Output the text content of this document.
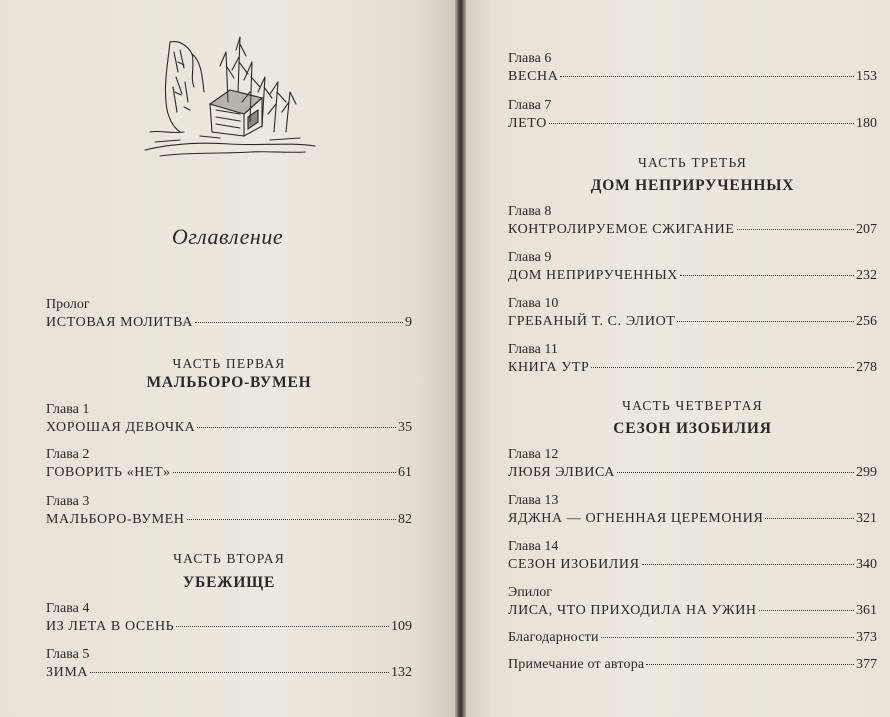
Оглавление
Пролог
ИСТОВАЯ МОЛИТВА	9
ЧАСТЬ ПЕРВАЯ
МАЛЬБОРО-ВУМЕН
Глава 1
ХОРОШАЯ ДЕВОЧКА	35
Глава 2
ГОВОРИТЬ «НЕТ»	61
Глава 3
МАЛЬБОРО-ВУМЕН	82
ЧАСТЬ ВТОРАЯ
УБЕЖИЩЕ
Глава 4
ИЗ ЛЕТА В ОСЕНЬ	109
Глава 5
ЗИМА	132
Глава 6
ВЕСНА	153
Глава 7
ЛЕТО	180
ЧАСТЬ ТРЕТЬЯ
ДОМ НЕПРИРУЧЕННЫХ
Глава 8
КОНТРОЛИРУЕМОЕ СЖИГАНИЕ	207
Глава 9
ДОМ НЕПРИРУЧЕННЫХ	232
Глава 10
ГРЕБАНЫЙ Т. С. ЭЛИОТ	256
Глава 11
КНИГА УТР	278
ЧАСТЬ ЧЕТВЕРТАЯ
СЕЗОН ИЗОБИЛИЯ
Глава 12
ЛЮБЯ ЭЛВИСА	299
Глава 13
ЯДЖНА — ОГНЕННАЯ ЦЕРЕМОНИЯ	321
Глава 14
СЕЗОН ИЗОБИЛИЯ	340
Эпилог
ЛИСА, ЧТО ПРИХОДИЛА НА УЖИН	361
Благодарности	373
Примечание от автора	377
